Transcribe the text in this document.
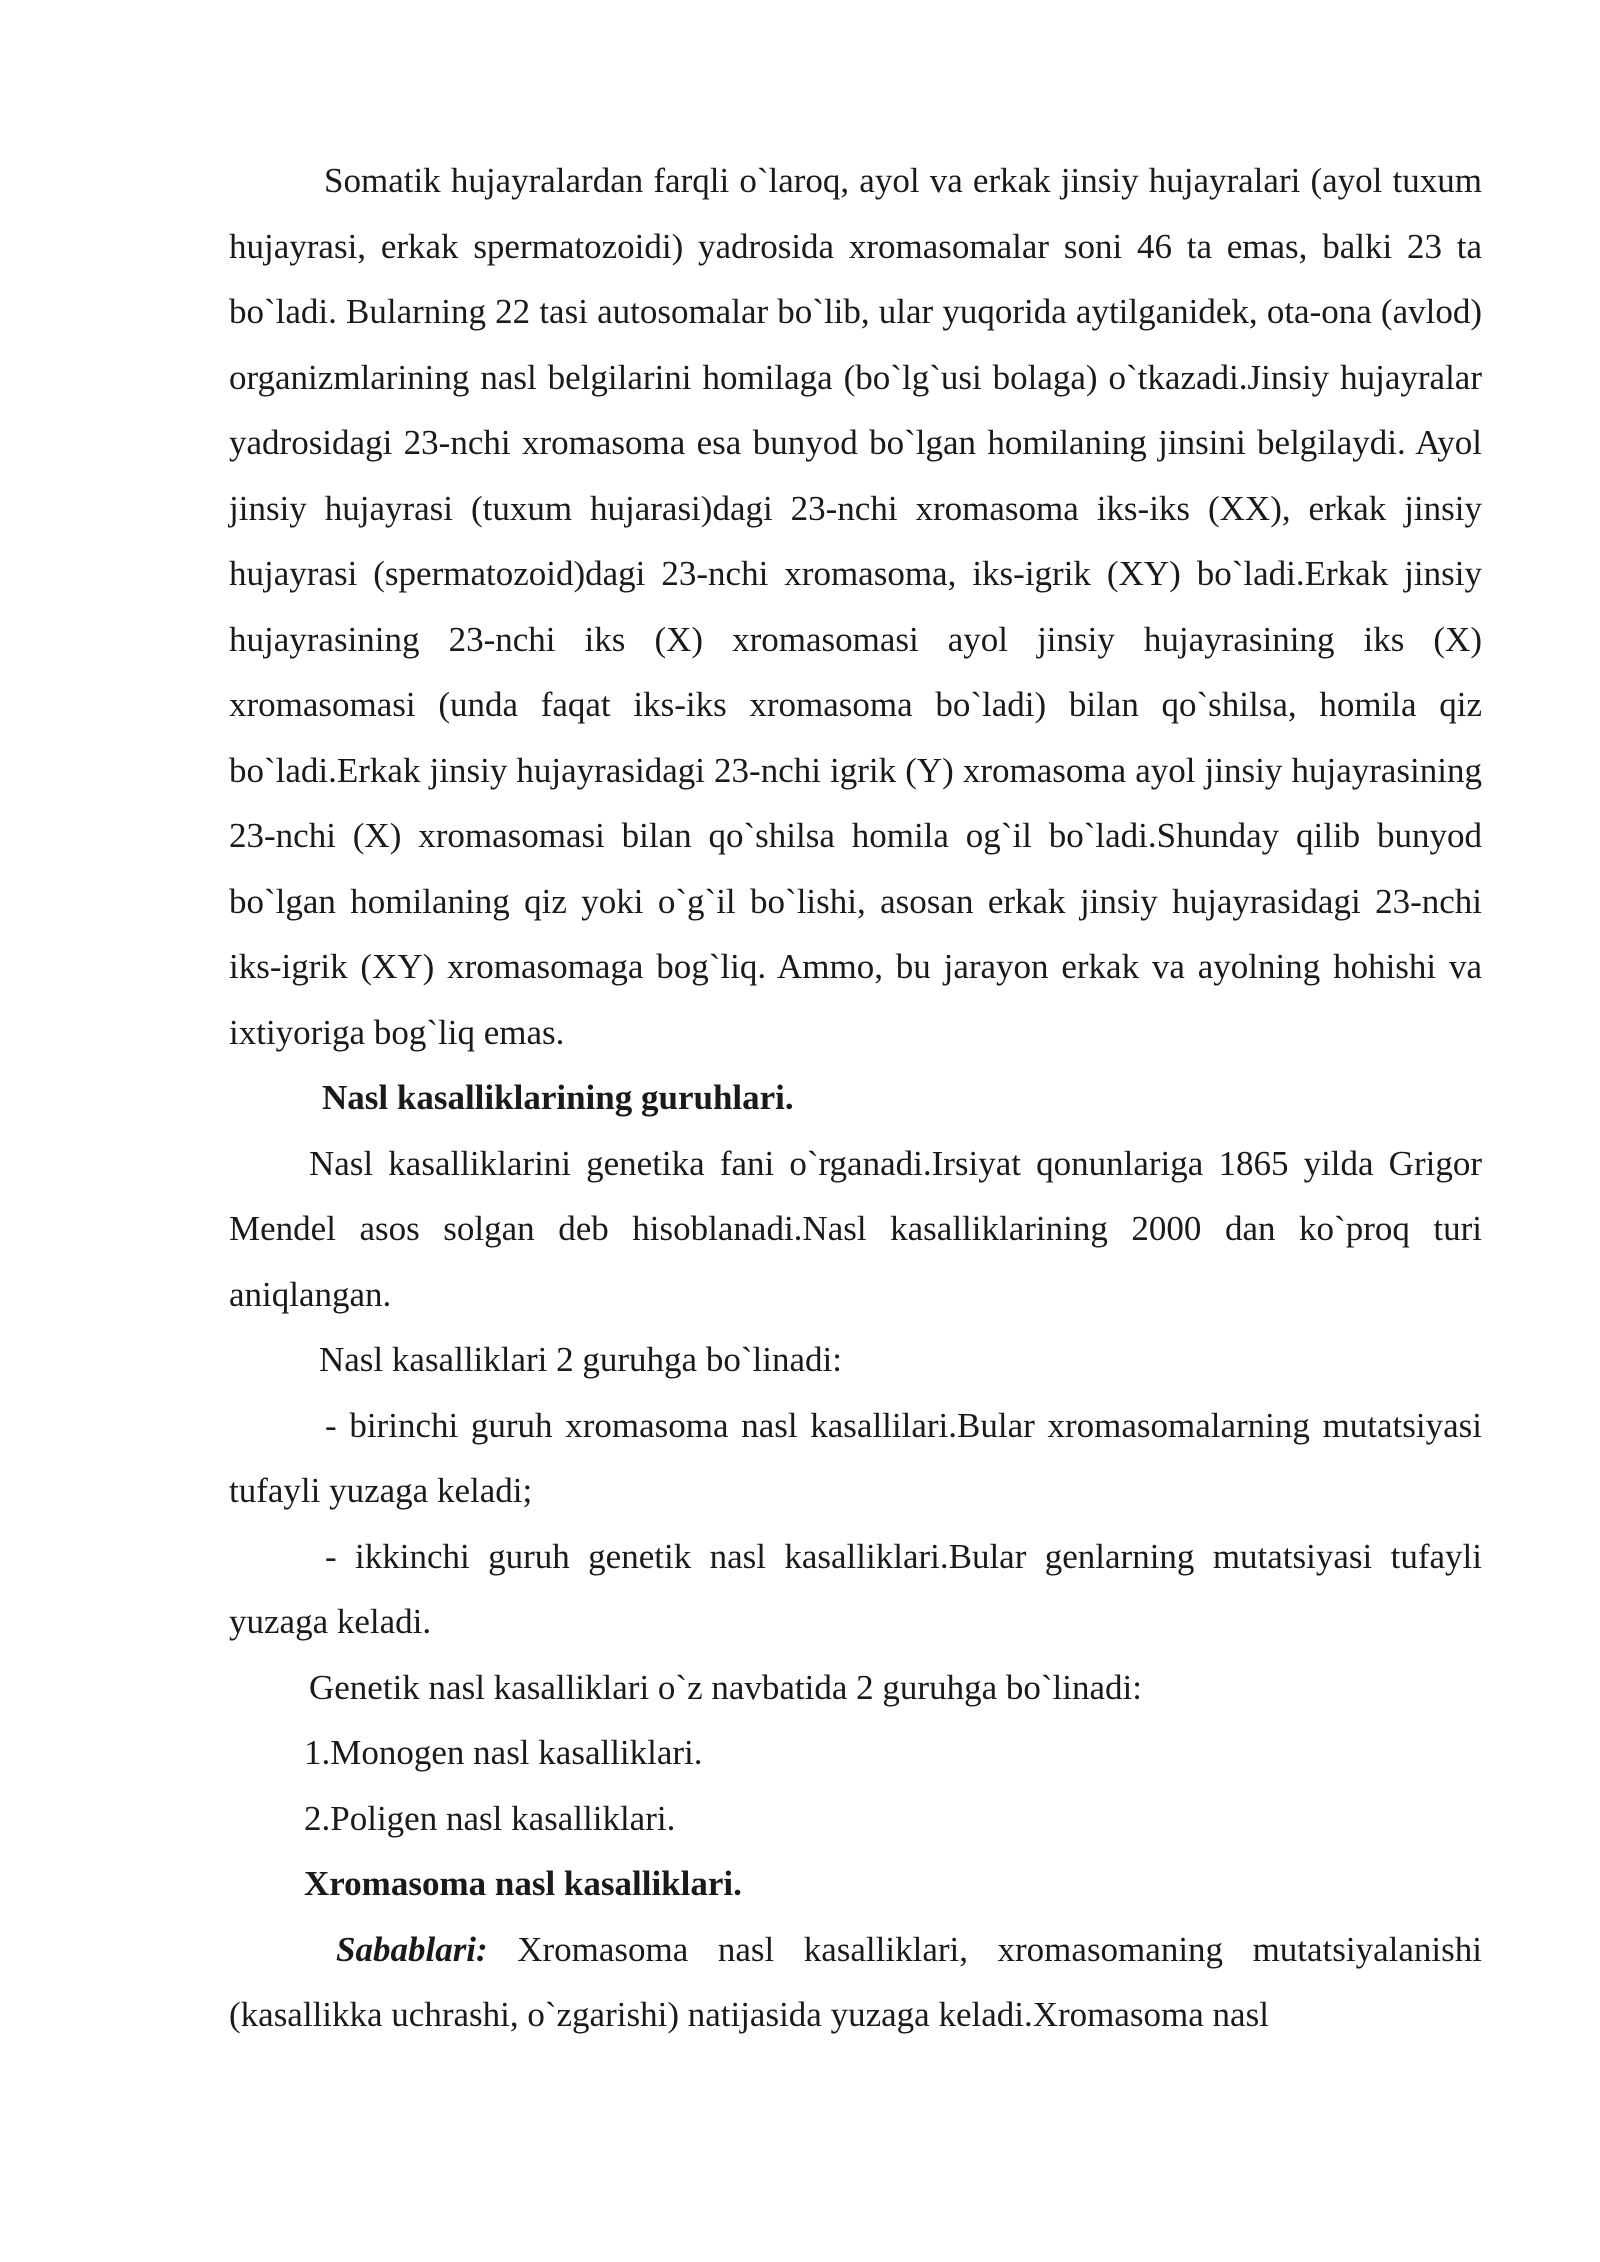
Somatik hujayralardan farqli o`laroq, ayol va erkak jinsiy hujayralari (ayol tuxum hujayrasi, erkak spermatozoidi) yadrosida xromasomalar soni 46 ta emas, balki 23 ta bo`ladi. Bularning 22 tasi autosomalar bo`lib, ular yuqorida aytilganidek, ota-ona (avlod) organizmlarining nasl belgilarini homilaga (bo`lg`usi bolaga) o`tkazadi.Jinsiy hujayralar yadrosidagi 23-nchi xromasoma esa bunyod bo`lgan homilaning jinsini belgilaydi. Ayol jinsiy hujayrasi (tuxum hujarasi)dagi 23-nchi xromasoma iks-iks (XX), erkak jinsiy hujayrasi (spermatozoid)dagi 23-nchi xromasoma, iks-igrik (XY) bo`ladi.Erkak jinsiy hujayrasining 23-nchi iks (X) xromasomasi ayol jinsiy hujayrasining iks (X) xromasomasi (unda faqat iks-iks xromasoma bo`ladi) bilan qo`shilsa, homila qiz bo`ladi.Erkak jinsiy hujayrasidagi 23-nchi igrik (Y) xromasoma ayol jinsiy hujayrasining 23-nchi (X) xromasomasi bilan qo`shilsa homila og`il bo`ladi.Shunday qilib bunyod bo`lgan homilaning qiz yoki o`g`il bo`lishi, asosan erkak jinsiy hujayrasidagi 23-nchi iks-igrik (XY) xromasomaga bog`liq. Ammo, bu jarayon erkak va ayolning hohishi va ixtiyoriga bog`liq emas.

Nasl kasalliklarining guruhlari.

Nasl kasalliklarini genetika fani o`rganadi.Irsiyat qonunlariga 1865 yilda Grigor Mendel asos solgan deb hisoblanadi.Nasl kasalliklarining 2000 dan ko`proq turi aniqlangan.

Nasl kasalliklari 2 guruhga bo`linadi:

- birinchi guruh xromasoma nasl kasallilari.Bular xromasomalarning mutatsiyasi tufayli yuzaga keladi;

- ikkinchi guruh genetik nasl kasalliklari.Bular genlarning mutatsiyasi tufayli yuzaga keladi.

Genetik nasl kasalliklari o`z navbatida 2 guruhga bo`linadi:

1.Monogen nasl kasalliklari.

2.Poligen nasl kasalliklari.

Xromasoma nasl kasalliklari.

Sabablari: Xromasoma nasl kasalliklari, xromasomaning mutatsiyalanishi (kasallikka uchrashi, o`zgarishi) natijasida yuzaga keladi.Xromasoma nasl
